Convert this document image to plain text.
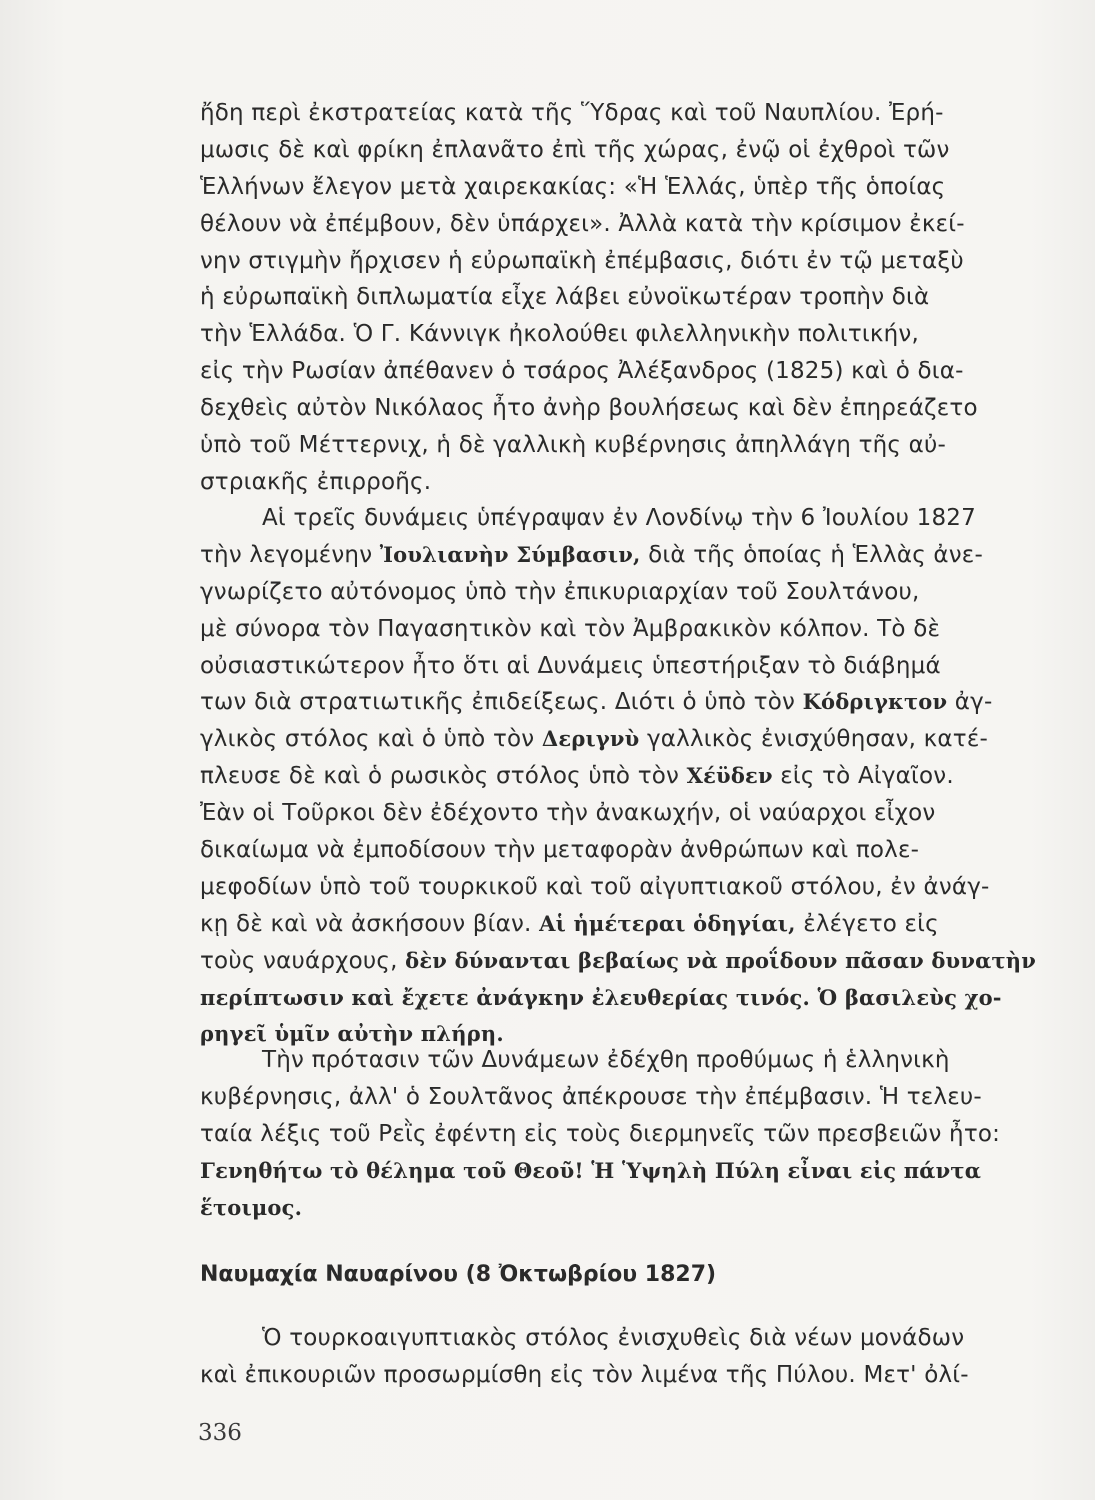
ἤδη περὶ ἐκστρατείας κατὰ τῆς Ὕδρας καὶ τοῦ Ναυπλίου. Ἐρή-
μωσις δὲ καὶ φρίκη ἐπλανᾶτο ἐπὶ τῆς χώρας, ἐνῷ οἱ ἐχθροὶ τῶν
Ἑλλήνων ἔλεγον μετὰ χαιρεκακίας: «Ἡ Ἑλλάς, ὑπὲρ τῆς ὁποίας
θέλουν νὰ ἐπέμβουν, δὲν ὑπάρχει». Ἀλλὰ κατὰ τὴν κρίσιμον ἐκεί-
νην στιγμὴν ἤρχισεν ἡ εὐρωπαϊκὴ ἐπέμβασις, διότι ἐν τῷ μεταξὺ
ἡ εὐρωπαϊκὴ διπλωματία εἶχε λάβει εὐνοϊκωτέραν τροπὴν διὰ
τὴν Ἑλλάδα. Ὁ Γ. Κάννιγκ ἠκολούθει φιλελληνικὴν πολιτικήν,
εἰς τὴν Ρωσίαν ἀπέθανεν ὁ τσάρος Ἀλέξανδρος (1825) καὶ ὁ δια-
δεχθεὶς αὐτὸν Νικόλαος ἦτο ἀνὴρ βουλήσεως καὶ δὲν ἐπηρεάζετο
ὑπὸ τοῦ Μέττερνιχ, ἡ δὲ γαλλικὴ κυβέρνησις ἀπηλλάγη τῆς αὐ-
στριακῆς ἐπιρροῆς.
Αἱ τρεῖς δυνάμεις ὑπέγραψαν ἐν Λονδίνῳ τὴν 6 Ἰουλίου 1827
τὴν λεγομένην Ἰουλιανὴν Σύμβασιν, διὰ τῆς ὁποίας ἡ Ἑλλὰς ἀνε-
γνωρίζετο αὐτόνομος ὑπὸ τὴν ἐπικυριαρχίαν τοῦ Σουλτάνου,
μὲ σύνορα τὸν Παγασητικὸν καὶ τὸν Ἀμβρακικὸν κόλπον. Τὸ δὲ
οὐσιαστικώτερον ἦτο ὅτι αἱ Δυνάμεις ὑπεστήριξαν τὸ διάβημά
των διὰ στρατιωτικῆς ἐπιδείξεως. Διότι ὁ ὑπὸ τὸν Κόδριγκτον ἀγ-
γλικὸς στόλος καὶ ὁ ὑπὸ τὸν Δεριγνὺ γαλλικὸς ἐνισχύθησαν, κατέ-
πλευσε δὲ καὶ ὁ ρωσικὸς στόλος ὑπὸ τὸν Χέϋδεν εἰς τὸ Αἰγαῖον.
Ἐὰν οἱ Τοῦρκοι δὲν ἐδέχοντο τὴν ἀνακωχήν, οἱ ναύαρχοι εἶχον
δικαίωμα νὰ ἐμποδίσουν τὴν μεταφορὰν ἀνθρώπων καὶ πολε-
μεφοδίων ὑπὸ τοῦ τουρκικοῦ καὶ τοῦ αἰγυπτιακοῦ στόλου, ἐν ἀνάγ-
κῃ δὲ καὶ νὰ ἀσκήσουν βίαν. Αἱ ἡμέτεραι ὁδηγίαι, ἐλέγετο εἰς
τοὺς ναυάρχους, δὲν δύνανται βεβαίως νὰ προΐδουν πᾶσαν δυνατὴν
περίπτωσιν καὶ ἔχετε ἀνάγκην ἐλευθερίας τινός. Ὁ βασιλεὺς χο-
ρηγεῖ ὑμῖν αὐτὴν πλήρη.
Τὴν πρότασιν τῶν Δυνάμεων ἐδέχθη προθύμως ἡ ἑλληνικὴ
κυβέρνησις, ἀλλ' ὁ Σουλτᾶνος ἀπέκρουσε τὴν ἐπέμβασιν. Ἡ τελευ-
ταία λέξις τοῦ Ρεῒς ἐφέντη εἰς τοὺς διερμηνεῖς τῶν πρεσβειῶν ἦτο:
Γενηθήτω τὸ θέλημα τοῦ Θεοῦ! Ἡ Ὑψηλὴ Πύλη εἶναι εἰς πάντα
ἕτοιμος.
Ναυμαχία Ναυαρίνου (8 Ὀκτωβρίου 1827)
Ὁ τουρκοαιγυπτιακὸς στόλος ἐνισχυθεὶς διὰ νέων μονάδων
καὶ ἐπικουριῶν προσωρμίσθη εἰς τὸν λιμένα τῆς Πύλου. Μετ' ὀλί-
336
